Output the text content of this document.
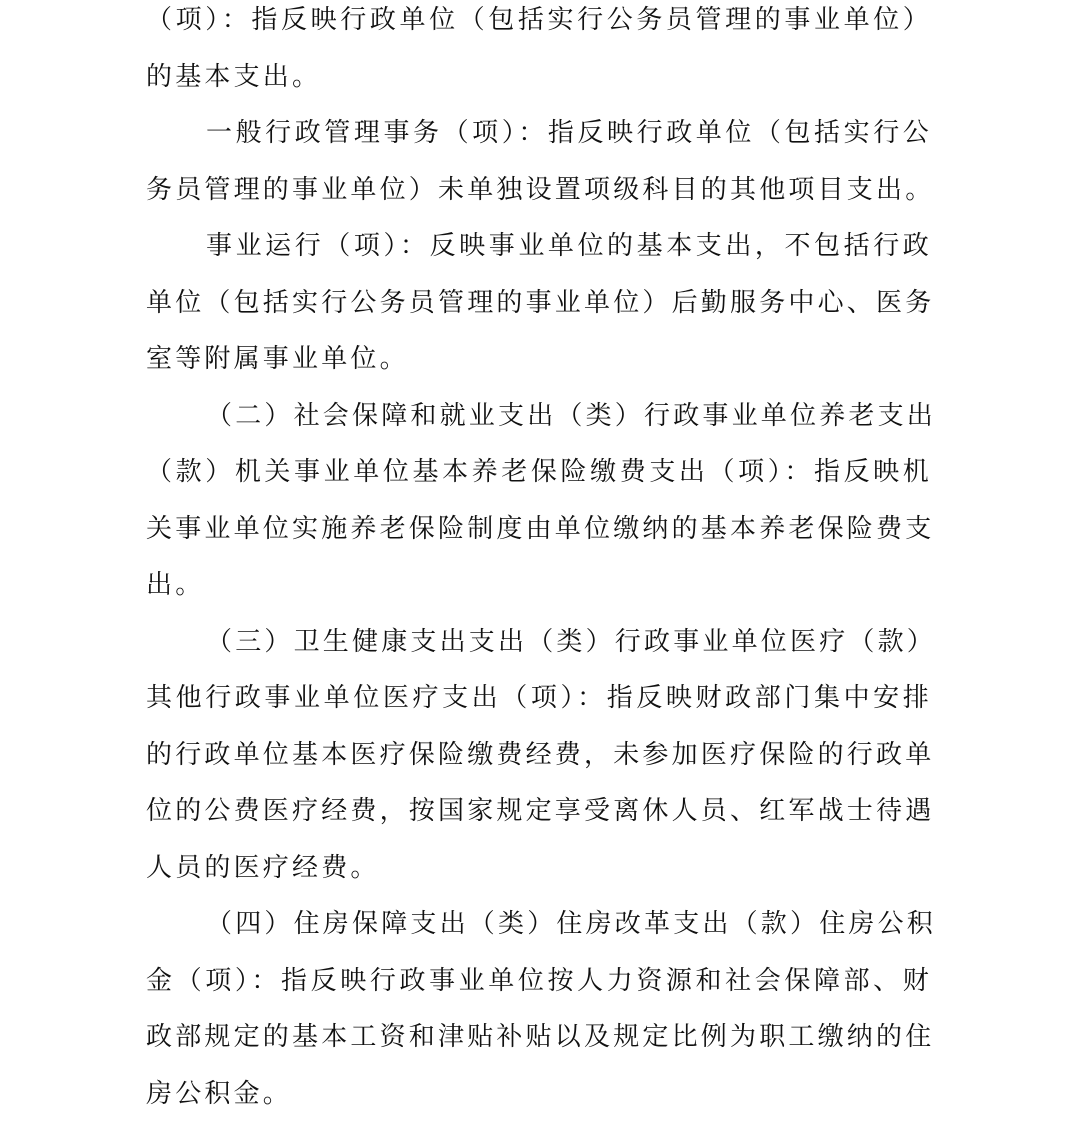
（项）：指反映行政单位（包括实行公务员管理的事业单位）
的基本支出。
一般行政管理事务（项）：指反映行政单位（包括实行公
务员管理的事业单位）未单独设置项级科目的其他项目支出。
事业运行（项）：反映事业单位的基本支出，不包括行政
单位（包括实行公务员管理的事业单位）后勤服务中心、医务
室等附属事业单位。
（二）社会保障和就业支出（类）行政事业单位养老支出
（款）机关事业单位基本养老保险缴费支出（项）：指反映机
关事业单位实施养老保险制度由单位缴纳的基本养老保险费支
出。
（三）卫生健康支出支出（类）行政事业单位医疗（款）
其他行政事业单位医疗支出（项）：指反映财政部门集中安排
的行政单位基本医疗保险缴费经费，未参加医疗保险的行政单
位的公费医疗经费，按国家规定享受离休人员、红军战士待遇
人员的医疗经费。
（四）住房保障支出（类）住房改革支出（款）住房公积
金（项）：指反映行政事业单位按人力资源和社会保障部、财
政部规定的基本工资和津贴补贴以及规定比例为职工缴纳的住
房公积金。
